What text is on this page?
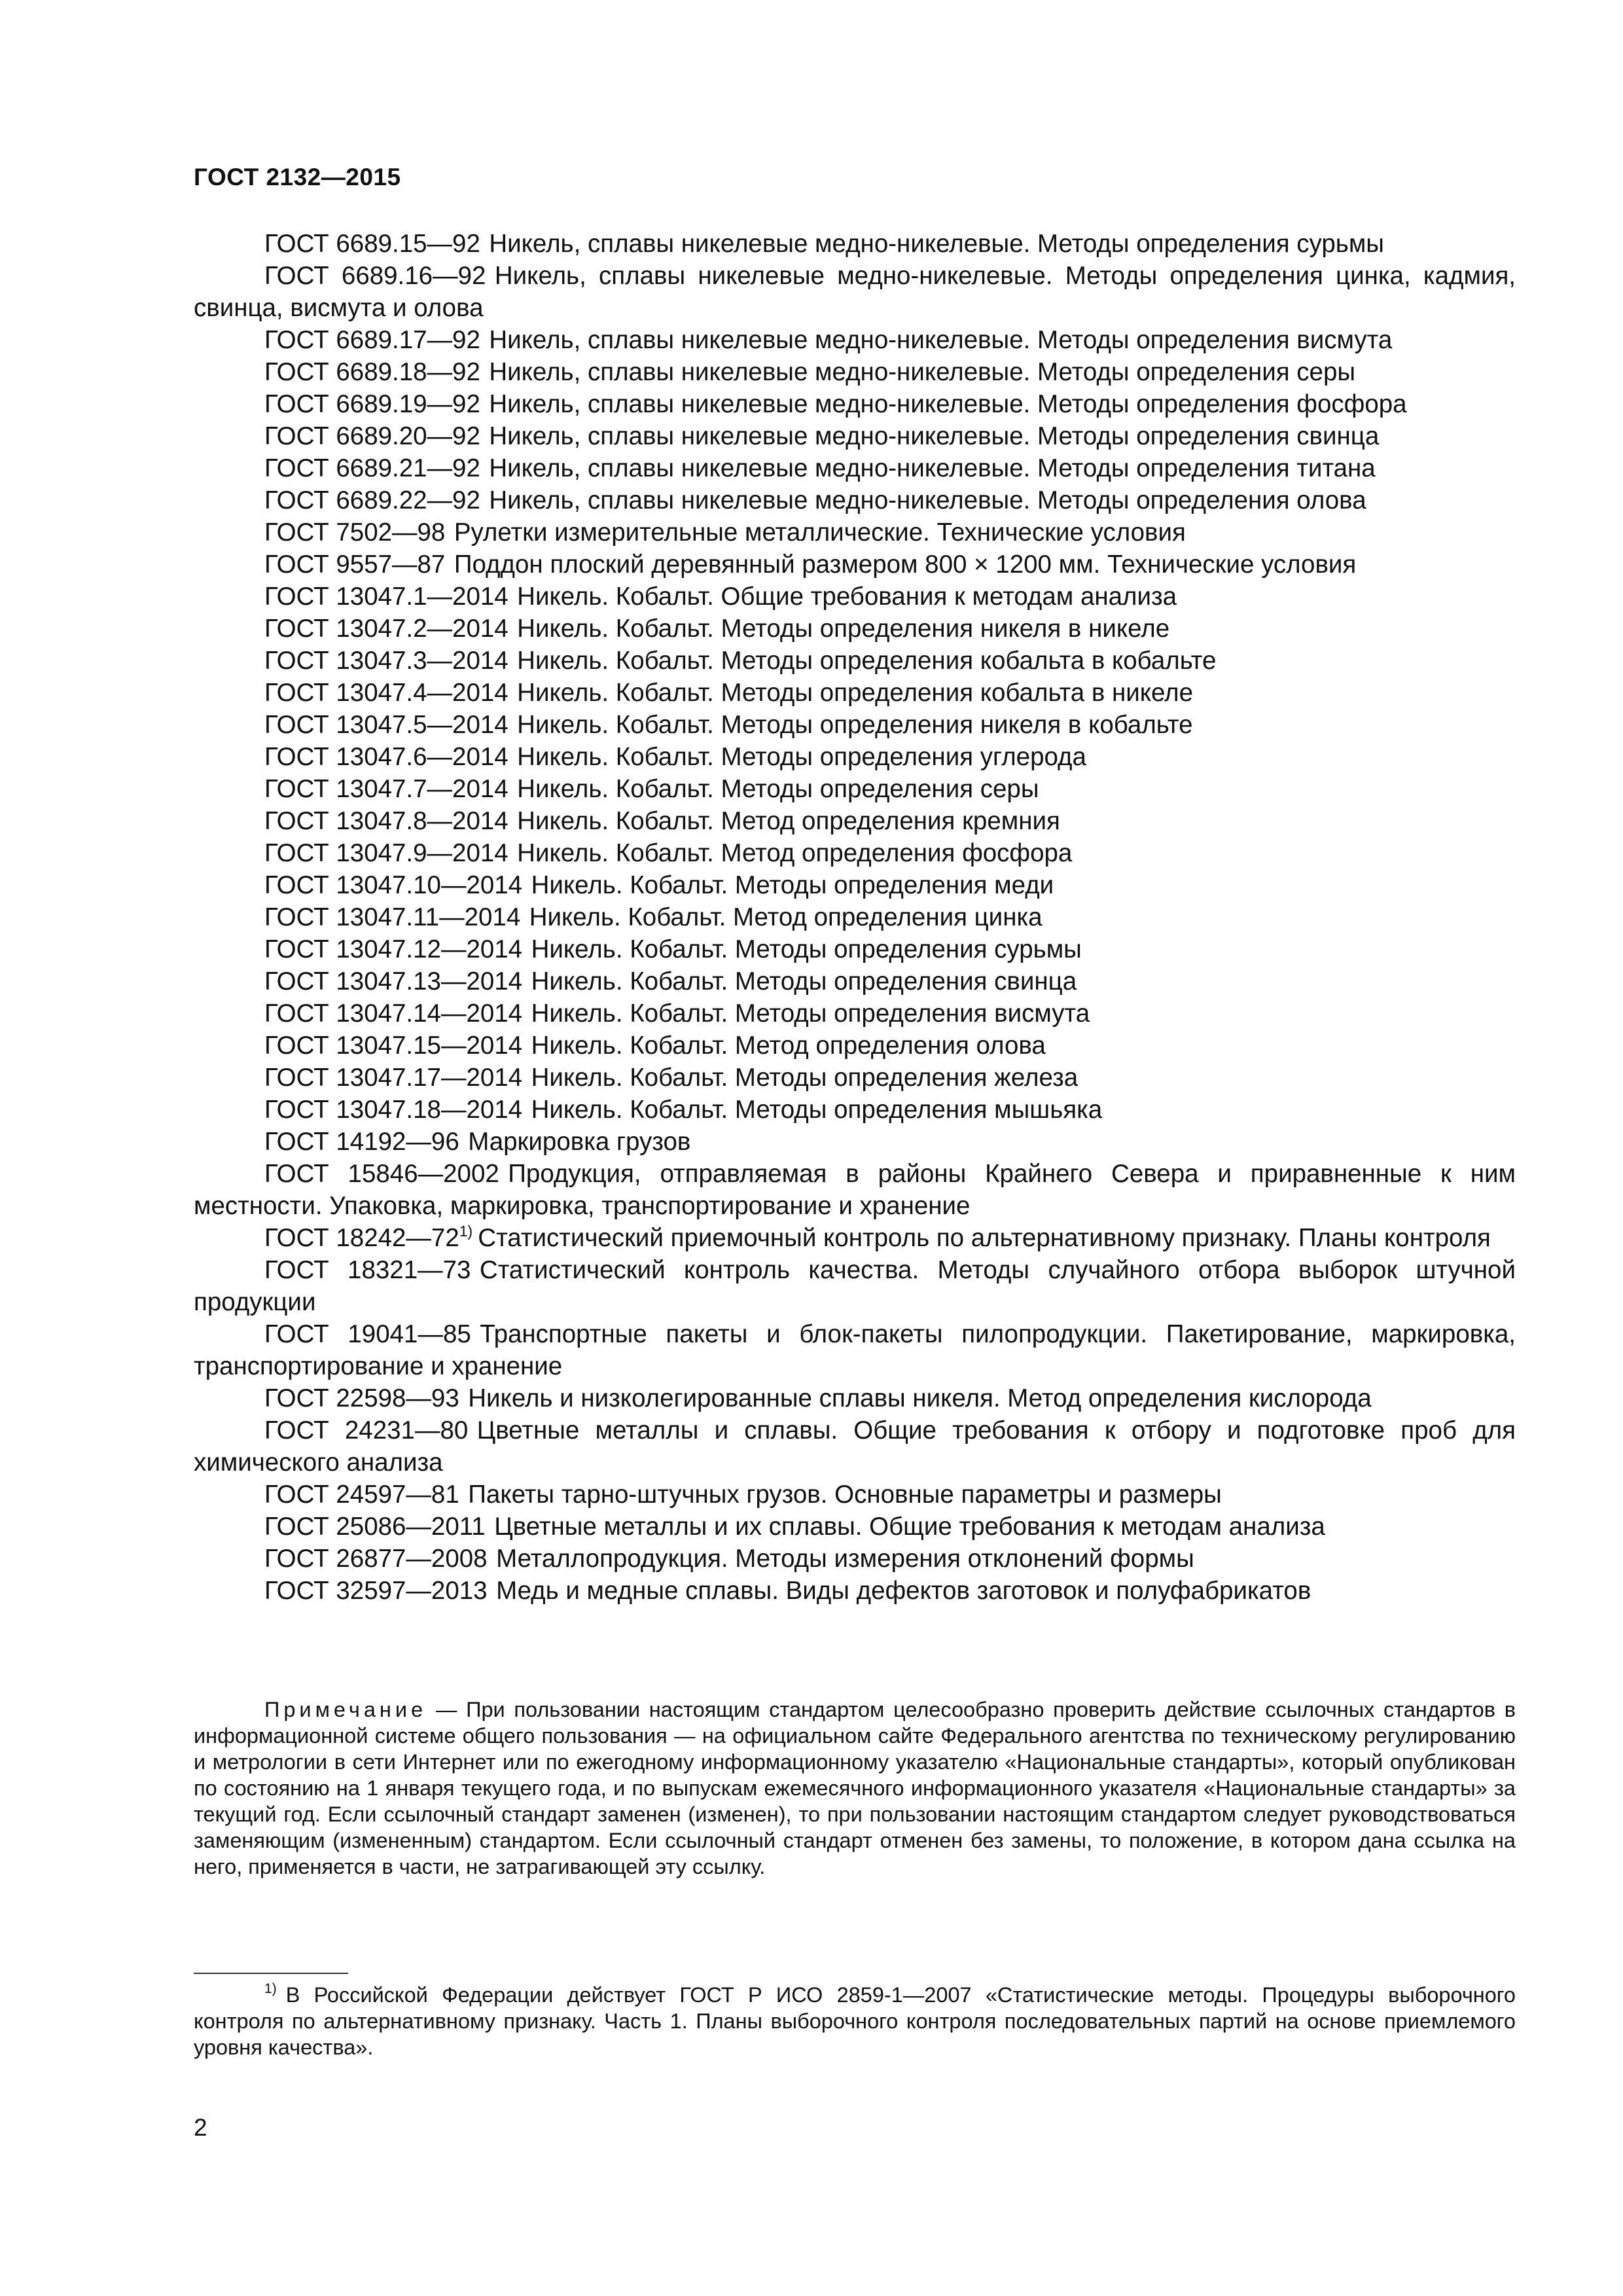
ГОСТ 2132—2015

ГОСТ 6689.15—92 Никель, сплавы никелевые медно-никелевые. Методы определения сурьмы

ГОСТ 6689.16—92 Никель, сплавы никелевые медно-никелевые. Методы определения цинка, кадмия, свинца, висмута и олова

ГОСТ 6689.17—92 Никель, сплавы никелевые медно-никелевые. Методы определения висмута

ГОСТ 6689.18—92 Никель, сплавы никелевые медно-никелевые. Методы определения серы

ГОСТ 6689.19—92 Никель, сплавы никелевые медно-никелевые. Методы определения фосфора

ГОСТ 6689.20—92 Никель, сплавы никелевые медно-никелевые. Методы определения свинца

ГОСТ 6689.21—92 Никель, сплавы никелевые медно-никелевые. Методы определения титана

ГОСТ 6689.22—92 Никель, сплавы никелевые медно-никелевые. Методы определения олова

ГОСТ 7502—98 Рулетки измерительные металлические. Технические условия

ГОСТ 9557—87 Поддон плоский деревянный размером 800 × 1200 мм. Технические условия

ГОСТ 13047.1—2014 Никель. Кобальт. Общие требования к методам анализа

ГОСТ 13047.2—2014 Никель. Кобальт. Методы определения никеля в никеле

ГОСТ 13047.3—2014 Никель. Кобальт. Методы определения кобальта в кобальте

ГОСТ 13047.4—2014 Никель. Кобальт. Методы определения кобальта в никеле

ГОСТ 13047.5—2014 Никель. Кобальт. Методы определения никеля в кобальте

ГОСТ 13047.6—2014 Никель. Кобальт. Методы определения углерода

ГОСТ 13047.7—2014 Никель. Кобальт. Методы определения серы

ГОСТ 13047.8—2014 Никель. Кобальт. Метод определения кремния

ГОСТ 13047.9—2014 Никель. Кобальт. Метод определения фосфора

ГОСТ 13047.10—2014 Никель. Кобальт. Методы определения меди

ГОСТ 13047.11—2014 Никель. Кобальт. Метод определения цинка

ГОСТ 13047.12—2014 Никель. Кобальт. Методы определения сурьмы

ГОСТ 13047.13—2014 Никель. Кобальт. Методы определения свинца

ГОСТ 13047.14—2014 Никель. Кобальт. Методы определения висмута

ГОСТ 13047.15—2014 Никель. Кобальт. Метод определения олова

ГОСТ 13047.17—2014 Никель. Кобальт. Методы определения железа

ГОСТ 13047.18—2014 Никель. Кобальт. Методы определения мышьяка

ГОСТ 14192—96 Маркировка грузов

ГОСТ 15846—2002 Продукция, отправляемая в районы Крайнего Севера и приравненные к ним местности. Упаковка, маркировка, транспортирование и хранение

ГОСТ 18242—72$^{1)}$ Статистический приемочный контроль по альтернативному признаку. Планы контроля

ГОСТ 18321—73 Статистический контроль качества. Методы случайного отбора выборок штучной продукции

ГОСТ 19041—85 Транспортные пакеты и блок-пакеты пилопродукции. Пакетирование, маркировка, транспортирование и хранение

ГОСТ 22598—93 Никель и низколегированные сплавы никеля. Метод определения кислорода

ГОСТ 24231—80 Цветные металлы и сплавы. Общие требования к отбору и подготовке проб для химического анализа

ГОСТ 24597—81 Пакеты тарно-штучных грузов. Основные параметры и размеры

ГОСТ 25086—2011 Цветные металлы и их сплавы. Общие требования к методам анализа

ГОСТ 26877—2008 Металлопродукция. Методы измерения отклонений формы

ГОСТ 32597—2013 Медь и медные сплавы. Виды дефектов заготовок и полуфабрикатов

Примечание — При пользовании настоящим стандартом целесообразно проверить действие ссылочных стандартов в информационной системе общего пользования — на официальном сайте Федерального агентства по техническому регулированию и метрологии в сети Интернет или по ежегодному информационному указателю «Национальные стандарты», который опубликован по состоянию на 1 января текущего года, и по выпускам ежемесячного информационного указателя «Национальные стандарты» за текущий год. Если ссылочный стандарт заменен (изменен), то при пользовании настоящим стандартом следует руководствоваться заменяющим (измененным) стандартом. Если ссылочный стандарт отменен без замены, то положение, в котором дана ссылка на него, применяется в части, не затрагивающей эту ссылку.
$^{1)}$ В Российской Федерации действует ГОСТ Р ИСО 2859-1—2007 «Статистические методы. Процедуры выборочного контроля по альтернативному признаку. Часть 1. Планы выборочного контроля последовательных партий на основе приемлемого уровня качества».
2
